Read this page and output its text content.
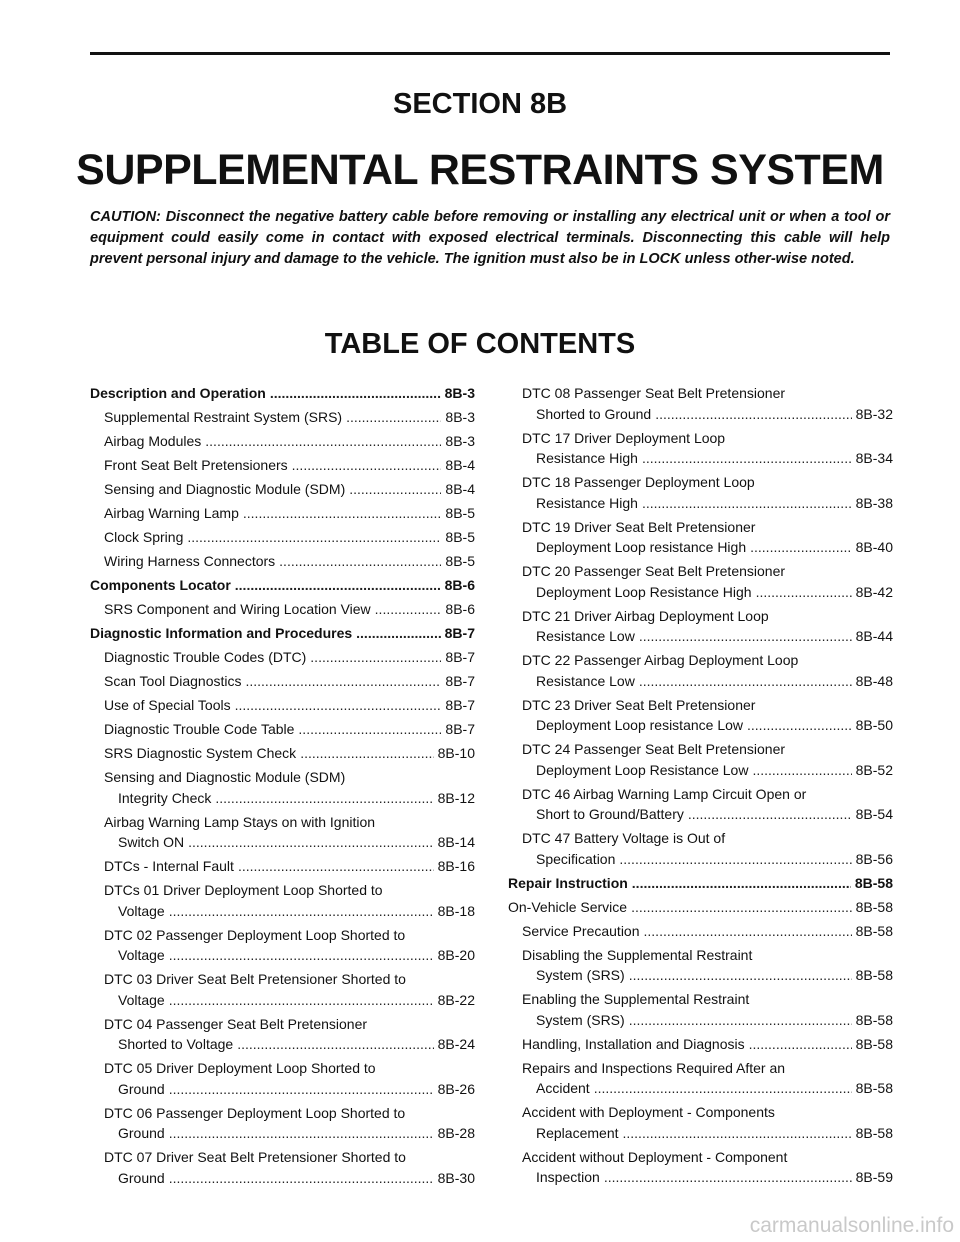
SECTION 8B
SUPPLEMENTAL RESTRAINTS SYSTEM
CAUTION: Disconnect the negative battery cable before removing or installing any electrical unit or when a tool or equipment could easily come in contact with exposed electrical terminals. Disconnecting this cable will help prevent personal injury and damage to the vehicle. The ignition must also be in LOCK unless other-wise noted.
TABLE OF CONTENTS
Description and Operation .....	8B-3
Supplemental Restraint System (SRS) .....	8B-3
Airbag Modules .....	8B-3
Front Seat Belt Pretensioners .....	8B-4
Sensing and Diagnostic Module (SDM) .....	8B-4
Airbag Warning Lamp .....	8B-5
Clock Spring .....	8B-5
Wiring Harness Connectors .....	8B-5
Components Locator .....	8B-6
SRS Component and Wiring Location View .....	8B-6
Diagnostic Information and Procedures .....	8B-7
Diagnostic Trouble Codes (DTC) .....	8B-7
Scan Tool Diagnostics .....	8B-7
Use of Special Tools .....	8B-7
Diagnostic Trouble Code Table .....	8B-7
SRS Diagnostic System Check .....	8B-10
Sensing and Diagnostic Module (SDM)
Integrity Check .....	8B-12
Airbag Warning Lamp Stays on with Ignition
Switch ON .....	8B-14
DTCs - Internal Fault .....	8B-16
DTCs 01 Driver Deployment Loop Shorted to
Voltage .....	8B-18
DTC 02 Passenger Deployment Loop Shorted to
Voltage .....	8B-20
DTC 03 Driver Seat Belt Pretensioner Shorted to
Voltage .....	8B-22
DTC 04 Passenger Seat Belt Pretensioner
Shorted to Voltage .....	8B-24
DTC 05 Driver Deployment Loop Shorted to
Ground .....	8B-26
DTC 06 Passenger Deployment Loop Shorted to
Ground .....	8B-28
DTC 07 Driver Seat Belt Pretensioner Shorted to
Ground .....	8B-30
DTC 08 Passenger Seat Belt Pretensioner
Shorted to Ground .....	8B-32
DTC 17 Driver Deployment Loop
Resistance High .....	8B-34
DTC 18 Passenger Deployment Loop
Resistance High .....	8B-38
DTC 19 Driver Seat Belt Pretensioner
Deployment Loop resistance High .....	8B-40
DTC 20 Passenger Seat Belt Pretensioner
Deployment Loop Resistance High .....	8B-42
DTC 21 Driver Airbag Deployment Loop
Resistance Low .....	8B-44
DTC 22 Passenger Airbag Deployment Loop
Resistance Low .....	8B-48
DTC 23 Driver Seat Belt Pretensioner
Deployment Loop resistance Low .....	8B-50
DTC 24 Passenger Seat Belt Pretensioner
Deployment Loop Resistance Low .....	8B-52
DTC 46 Airbag Warning Lamp Circuit Open or
Short to Ground/Battery .....	8B-54
DTC 47 Battery Voltage is Out of
Specification .....	8B-56
Repair Instruction .....	8B-58
On-Vehicle Service .....	8B-58
Service Precaution .....	8B-58
Disabling the Supplemental Restraint
System (SRS) .....	8B-58
Enabling the Supplemental Restraint
System (SRS) .....	8B-58
Handling, Installation and Diagnosis .....	8B-58
Repairs and Inspections Required After an
Accident .....	8B-58
Accident with Deployment - Components
Replacement .....	8B-58
Accident without Deployment - Component
Inspection .....	8B-59
carmanualsonline.info
